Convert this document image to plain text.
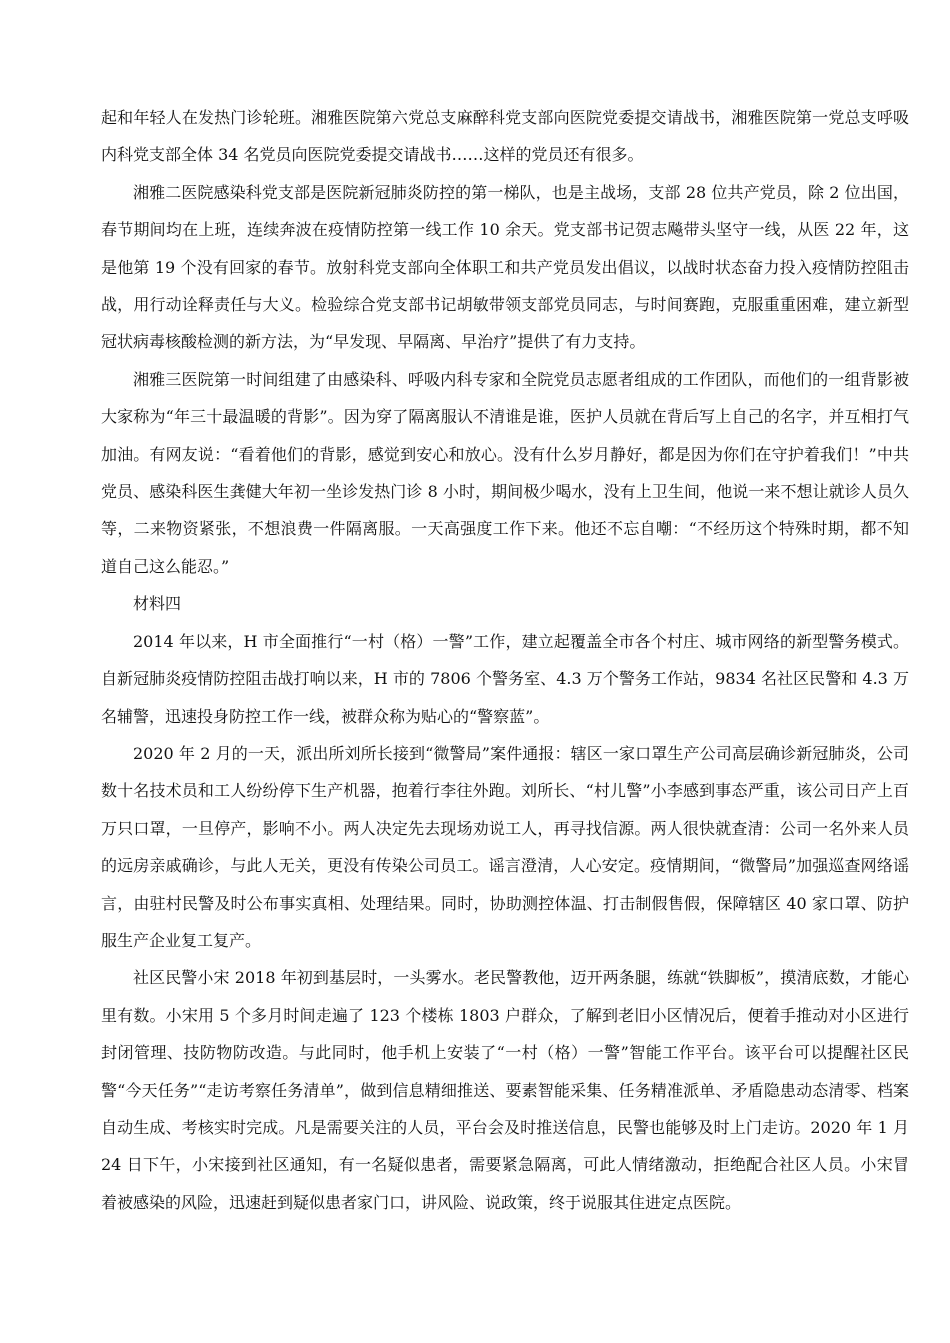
起和年轻人在发热门诊轮班。湘雅医院第六党总支麻醉科党支部向医院党委提交请战书，湘雅医院第一党总支呼吸内科党支部全体 34 名党员向医院党委提交请战书……这样的党员还有很多。

湘雅二医院感染科党支部是医院新冠肺炎防控的第一梯队，也是主战场，支部 28 位共产党员，除 2 位出国，春节期间均在上班，连续奔波在疫情防控第一线工作 10 余天。党支部书记贺志飚带头坚守一线，从医 22 年，这是他第 19 个没有回家的春节。放射科党支部向全体职工和共产党员发出倡议，以战时状态奋力投入疫情防控阻击战，用行动诠释责任与大义。检验综合党支部书记胡敏带领支部党员同志，与时间赛跑，克服重重困难，建立新型冠状病毒核酸检测的新方法，为“早发现、早隔离、早治疗”提供了有力支持。

湘雅三医院第一时间组建了由感染科、呼吸内科专家和全院党员志愿者组成的工作团队，而他们的一组背影被大家称为“年三十最温暖的背影”。因为穿了隔离服认不清谁是谁，医护人员就在背后写上自己的名字，并互相打气加油。有网友说：“看着他们的背影，感觉到安心和放心。没有什么岁月静好，都是因为你们在守护着我们！”中共党员、感染科医生龚健大年初一坐诊发热门诊 8 小时，期间极少喝水，没有上卫生间，他说一来不想让就诊人员久等，二来物资紧张，不想浪费一件隔离服。一天高强度工作下来。他还不忘自嘲：“不经历这个特殊时期，都不知道自己这么能忍。”

材料四

2014 年以来，H 市全面推行“一村（格）一警”工作，建立起覆盖全市各个村庄、城市网络的新型警务模式。自新冠肺炎疫情防控阻击战打响以来，H 市的 7806 个警务室、4.3 万个警务工作站，9834 名社区民警和 4.3 万名辅警，迅速投身防控工作一线，被群众称为贴心的“警察蓝”。

2020 年 2 月的一天，派出所刘所长接到“微警局”案件通报：辖区一家口罩生产公司高层确诊新冠肺炎，公司数十名技术员和工人纷纷停下生产机器，抱着行李往外跑。刘所长、“村儿警”小李感到事态严重，该公司日产上百万只口罩，一旦停产，影响不小。两人决定先去现场劝说工人，再寻找信源。两人很快就查清：公司一名外来人员的远房亲戚确诊，与此人无关，更没有传染公司员工。谣言澄清，人心安定。疫情期间，“微警局”加强巡查网络谣言，由驻村民警及时公布事实真相、处理结果。同时，协助测控体温、打击制假售假，保障辖区 40 家口罩、防护服生产企业复工复产。

社区民警小宋 2018 年初到基层时，一头雾水。老民警教他，迈开两条腿，练就“铁脚板”，摸清底数，才能心里有数。小宋用 5 个多月时间走遍了 123 个楼栋 1803 户群众，了解到老旧小区情况后，便着手推动对小区进行封闭管理、技防物防改造。与此同时，他手机上安装了“一村（格）一警”智能工作平台。该平台可以提醒社区民警“今天任务”“走访考察任务清单”，做到信息精细推送、要素智能采集、任务精准派单、矛盾隐患动态清零、档案自动生成、考核实时完成。凡是需要关注的人员，平台会及时推送信息，民警也能够及时上门走访。2020 年 1 月 24 日下午，小宋接到社区通知，有一名疑似患者，需要紧急隔离，可此人情绪激动，拒绝配合社区人员。小宋冒着被感染的风险，迅速赶到疑似患者家门口，讲风险、说政策，终于说服其住进定点医院。
